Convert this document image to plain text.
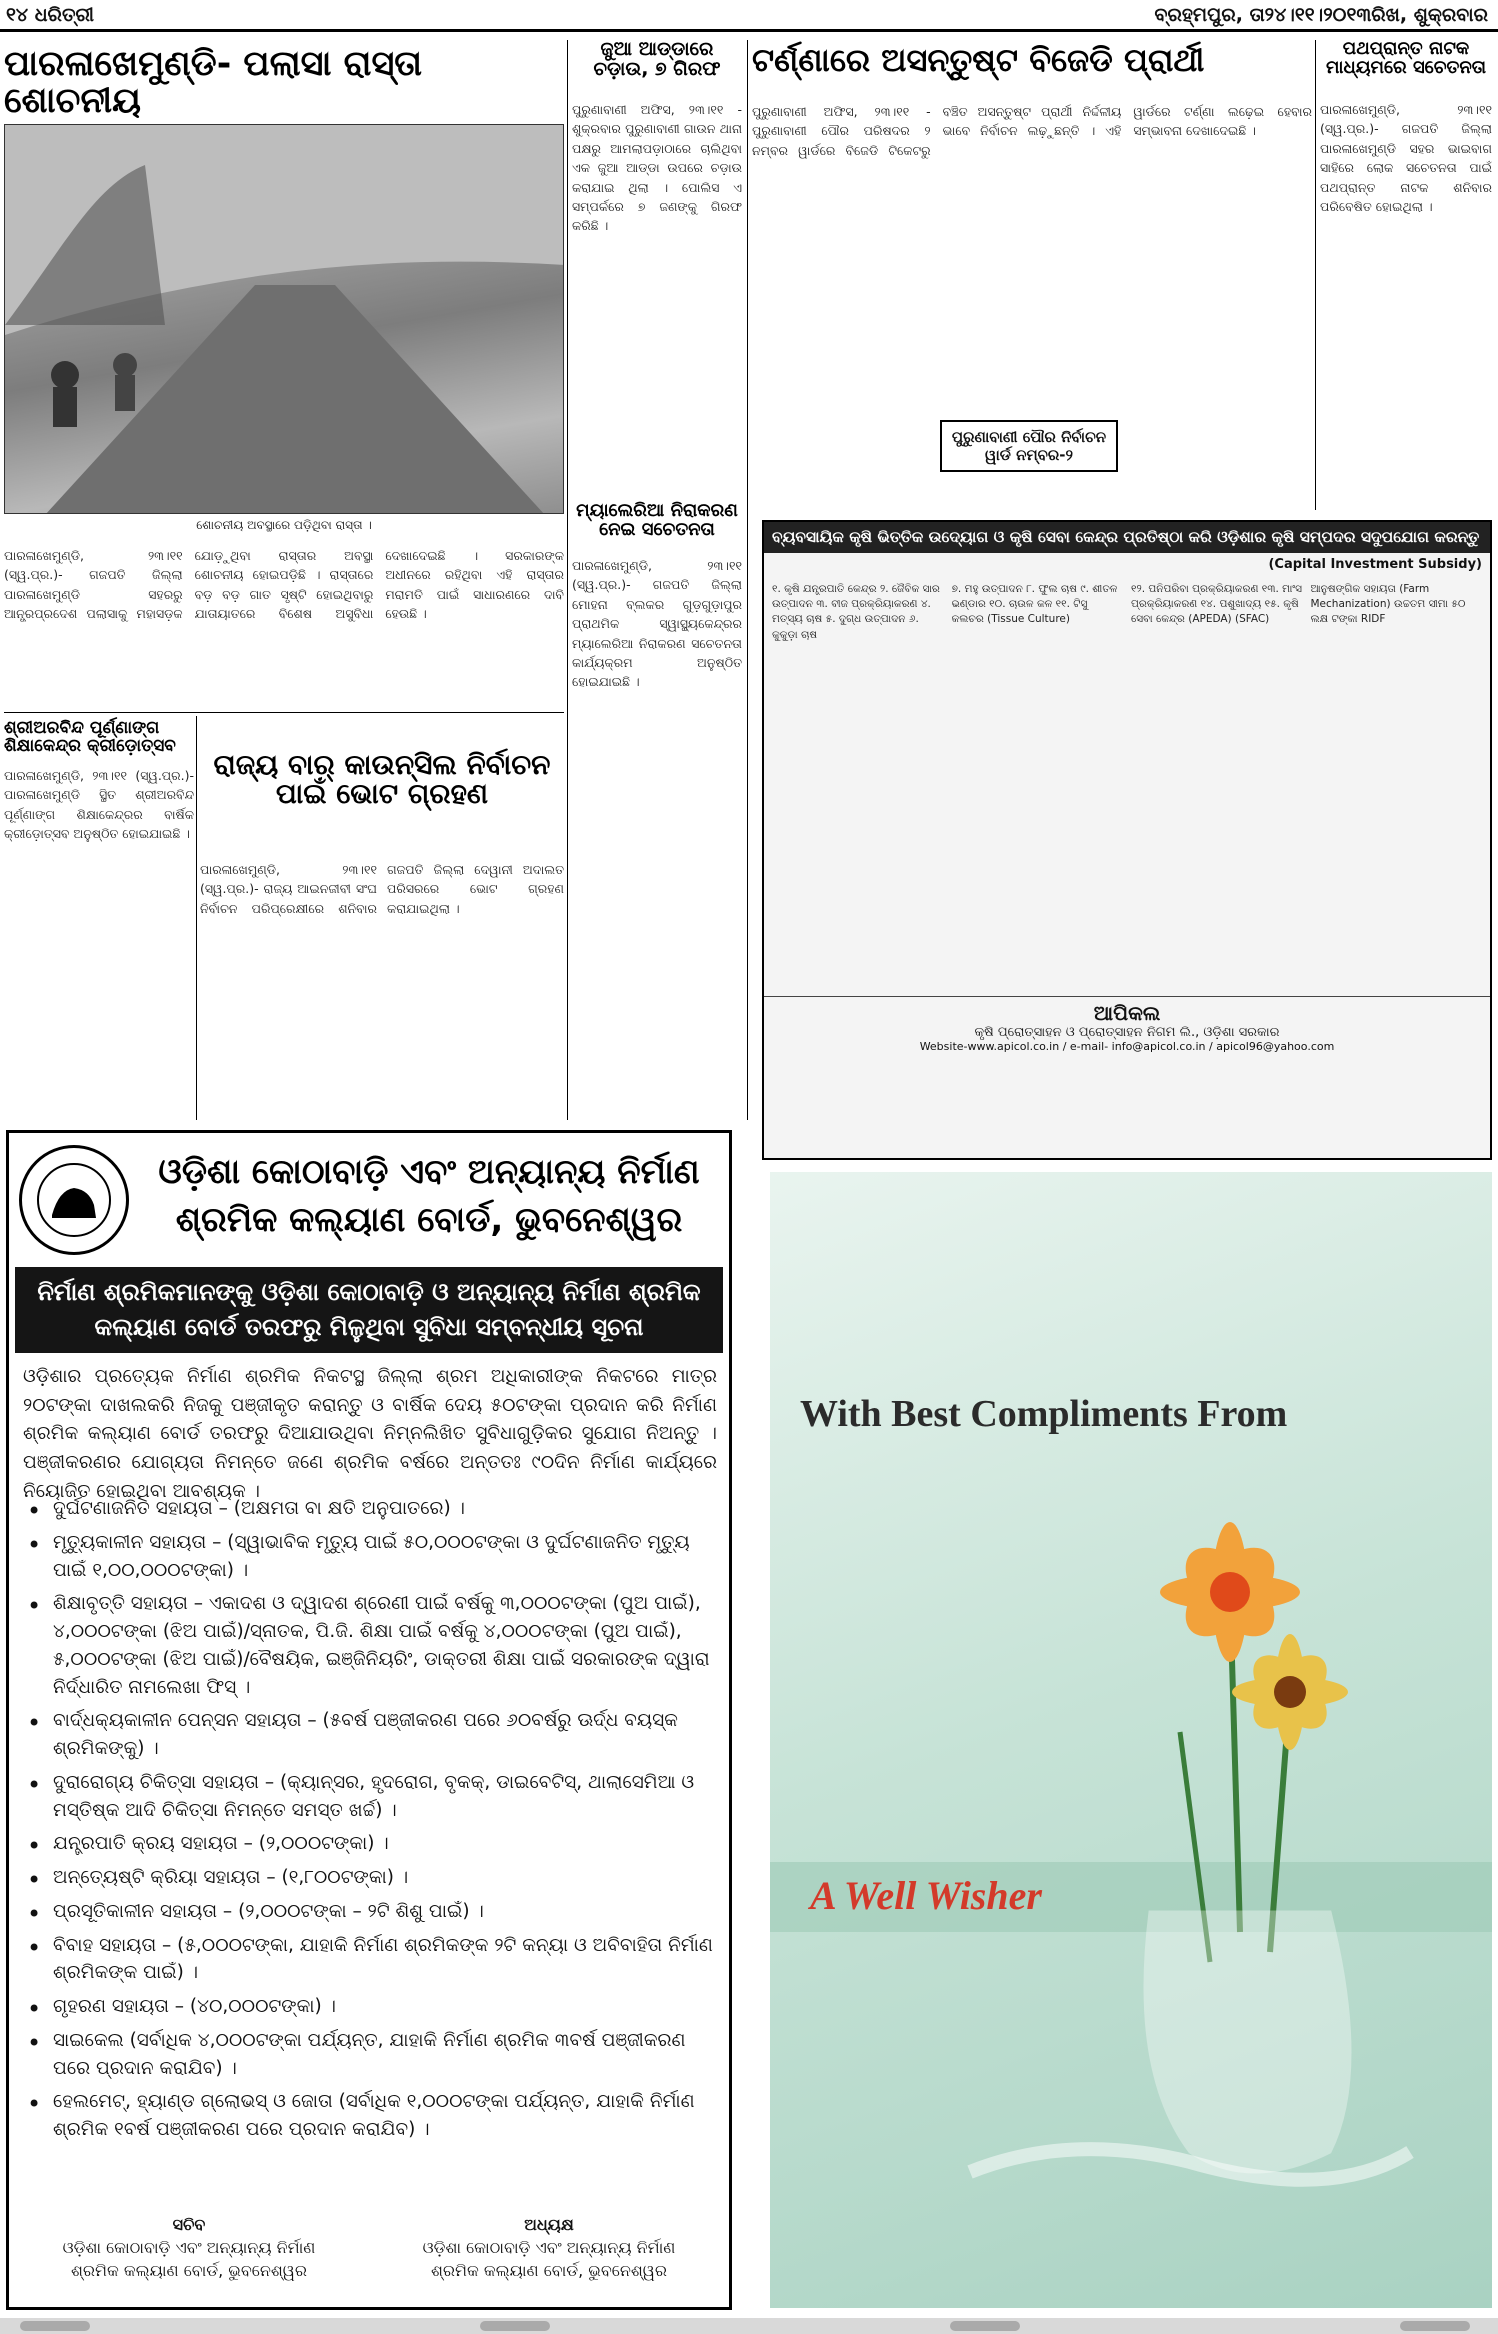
୧୪ ଧରିତ୍ରୀ	ବ୍ରହ୍ମପୁର, ତା୨୪।୧୧।୨୦୧୩ରିଖ, ଶୁକ୍ରବାର
ପାରଳାଖେମୁଣ୍ଡି- ପଲାସା ରାସ୍ତା ଶୋଚନୀୟ
ଶୋଚନୀୟ ଅବସ୍ଥାରେ ପଡ଼ିଥିବା ରାସ୍ତା ।
ପାରଳାଖେମୁଣ୍ଡି, ୨୩।୧୧ (ସ୍ୱ.ପ୍ର.)- ଗଜପତି ଜିଲ୍ଲା ପାରଳାଖେମୁଣ୍ଡି ସହରରୁ ଆନ୍ଧ୍ରପ୍ରଦେଶ ପଲାସାକୁ ମହାସଡ଼କ ଯୋଡ଼ୁଥିବା ରାସ୍ତାର ଅବସ୍ଥା ଶୋଚନୀୟ ହୋଇପଡ଼ିଛି । ରାସ୍ତାରେ ବଡ଼ ବଡ଼ ଗାତ ସୃଷ୍ଟି ହୋଇଥିବାରୁ ଯାତାୟାତରେ ବିଶେଷ ଅସୁବିଧା ଦେଖାଦେଇଛି । ସରକାରଙ୍କ ଅଧୀନରେ ରହିଥିବା ଏହି ରାସ୍ତାର ମରାମତି ପାଇଁ ସାଧାରଣରେ ଦାବି ହେଉଛି ।
ଜୁଆ ଆଡ୍ଡାରେ ଚଡ଼ାଉ, ୭ ଗିରଫ
ପୁରୁଣାବାଣୀ ଅଫିସ, ୨୩।୧୧ - ଶୁକ୍ରବାର ପୁରୁଣାବାଣୀ ଗାଉନ ଥାନା ପକ୍ଷରୁ ଆମଲାପଡ଼ାଠାରେ ଚାଲିଥିବା ଏକ ଜୁଆ ଆଡ୍ଡା ଉପରେ ଚଡ଼ାଉ କରାଯାଇ ଥିଲା । ପୋଲିସ ଏ ସମ୍ପର୍କରେ ୭ ଜଣଙ୍କୁ ଗିରଫ କରିଛି ।
ମ୍ୟାଲେରିଆ ନିରାକରଣ ନେଇ ସଚେତନତା
ପାରଳାଖେମୁଣ୍ଡି, ୨୩।୧୧ (ସ୍ୱ.ପ୍ର.)- ଗଜପତି ଜିଲ୍ଲା ମୋହନା ବ୍ଲକର ଗୁଡ଼ଗୁଡ଼ାପୁର ପ୍ରାଥମିକ ସ୍ୱାସ୍ଥ୍ୟକେନ୍ଦ୍ରର ମ୍ୟାଲେରିଆ ନିରାକରଣ ସଚେତନତା କାର୍ଯ୍ୟକ୍ରମ ଅନୁଷ୍ଠିତ ହୋଇଯାଇଛି ।
ଟର୍ଣ୍ଣାରେ ଅସନ୍ତୁଷ୍ଟ ବିଜେଡି ପ୍ରାର୍ଥୀ
ପୁରୁଣାବାଣୀ ଅଫିସ, ୨୩।୧୧ - ପୁରୁଣାବାଣୀ ପୌର ପରିଷଦର ୨ ନମ୍ବର ୱାର୍ଡରେ ବିଜେଡି ଟିକେଟରୁ ବଞ୍ଚିତ ଅସନ୍ତୁଷ୍ଟ ପ୍ରାର୍ଥୀ ନିର୍ଦ୍ଦଳୀୟ ଭାବେ ନିର୍ବାଚନ ଲଢ଼ୁଛନ୍ତି । ଏହି ୱାର୍ଡରେ ଟର୍ଣ୍ଣା ଲଢ଼େଇ ହେବାର ସମ୍ଭାବନା ଦେଖାଦେଇଛି ।
ପୁରୁଣାବାଣୀ ପୌର ନିର୍ବାଚନ ୱାର୍ଡ ନମ୍ବର-୨
ପଥପ୍ରାନ୍ତ ନାଟକ ମାଧ୍ୟମରେ ସଚେତନତା
ପାରଳାଖେମୁଣ୍ଡି, ୨୩।୧୧ (ସ୍ୱ.ପ୍ର.)- ଗଜପତି ଜିଲ୍ଲା ପାରଳାଖେମୁଣ୍ଡି ସହର ଭାଇବାଗ ସାହିରେ ଲୋକ ସଚେତନତା ପାଇଁ ପଥପ୍ରାନ୍ତ ନାଟକ ଶନିବାର ପରିବେଷିତ ହୋଇଥିଲା ।
ଶ୍ରୀଅରବିନ୍ଦ ପୂର୍ଣ୍ଣାଙ୍ଗ ଶିକ୍ଷାକେନ୍ଦ୍ର କ୍ରୀଡ଼ୋତ୍ସବ
ପାରଳାଖେମୁଣ୍ଡି, ୨୩।୧୧ (ସ୍ୱ.ପ୍ର.)- ପାରଳାଖେମୁଣ୍ଡି ସ୍ଥିତ ଶ୍ରୀଅରବିନ୍ଦ ପୂର୍ଣ୍ଣାଙ୍ଗ ଶିକ୍ଷାକେନ୍ଦ୍ରର ବାର୍ଷିକ କ୍ରୀଡ଼ୋତ୍ସବ ଅନୁଷ୍ଠିତ ହୋଇଯାଇଛି ।
ରାଜ୍ୟ ବାର୍ କାଉନ୍ସିଲ ନିର୍ବାଚନ ପାଇଁ ଭୋଟ ଗ୍ରହଣ
ପାରଳାଖେମୁଣ୍ଡି, ୨୩।୧୧ (ସ୍ୱ.ପ୍ର.)- ରାଜ୍ୟ ଆଇନଜୀବୀ ସଂଘ ନିର୍ବାଚନ ପରିପ୍ରେକ୍ଷୀରେ ଶନିବାର ଗଜପତି ଜିଲ୍ଲା ଦେୱାନୀ ଅଦାଲତ ପରିସରରେ ଭୋଟ ଗ୍ରହଣ କରାଯାଇଥିଲା ।
ବ୍ୟବସାୟିକ କୃଷି ଭିତ୍ତିକ ଉଦ୍ୟୋଗ ଓ କୃଷି ସେବା କେନ୍ଦ୍ର ପ୍ରତିଷ୍ଠା କରି ଓଡ଼ିଶାର କୃଷି ସମ୍ପଦର ସଦୁପଯୋଗ କରନ୍ତୁ
(Capital Investment Subsidy)
୧. କୃଷି ଯନ୍ତ୍ରପାତି କେନ୍ଦ୍ର ୨. ଜୈବିକ ସାର ଉତ୍ପାଦନ ୩. ବୀଜ ପ୍ରକ୍ରିୟାକରଣ ୪. ମତ୍ସ୍ୟ ଚାଷ ୫. ଦୁଗ୍ଧ ଉତ୍ପାଦନ ୬. କୁକୁଡ଼ା ଚାଷ
୭. ମହୁ ଉତ୍ପାଦନ ୮. ଫୁଲ ଚାଷ ୯. ଶୀତଳ ଭଣ୍ଡାର ୧୦. ଚାଉଳ କଳ ୧୧. ଟିସୁ କଲଚର (Tissue Culture)
୧୨. ପନିପରିବା ପ୍ରକ୍ରିୟାକରଣ ୧୩. ମାଂସ ପ୍ରକ୍ରିୟାକରଣ ୧୪. ପଶୁଖାଦ୍ୟ ୧୫. କୃଷି ସେବା କେନ୍ଦ୍ର (APEDA) (SFAC)
ଆନୁଷଙ୍ଗିକ ସହାୟତା (Farm Mechanization) ଉଚ୍ଚତମ ସୀମା ୫୦ ଲକ୍ଷ ଟଙ୍କା RIDF
ଆପିକଲ
କୃଷି ପ୍ରୋତ୍ସାହନ ଓ ପ୍ରୋତ୍ସାହନ ନିଗମ ଲି., ଓଡ଼ିଶା ସରକାର
Website-www.apicol.co.in / e-mail- info@apicol.co.in / apicol96@yahoo.com
ଓଡ଼ିଶା କୋଠାବାଡ଼ି ଏବଂ ଅନ୍ୟାନ୍ୟ ନିର୍ମାଣ ଶ୍ରମିକ କଲ୍ୟାଣ ବୋର୍ଡ, ଭୁବନେଶ୍ୱର
ନିର୍ମାଣ ଶ୍ରମିକମାନଙ୍କୁ ଓଡ଼ିଶା କୋଠାବାଡ଼ି ଓ ଅନ୍ୟାନ୍ୟ ନିର୍ମାଣ ଶ୍ରମିକ କଲ୍ୟାଣ ବୋର୍ଡ ତରଫରୁ ମିଳୁଥିବା ସୁବିଧା ସମ୍ବନ୍ଧୀୟ ସୂଚନା
ଓଡ଼ିଶାର ପ୍ରତ୍ୟେକ ନିର୍ମାଣ ଶ୍ରମିକ ନିକଟସ୍ଥ ଜିଲ୍ଲା ଶ୍ରମ ଅଧିକାରୀଙ୍କ ନିକଟରେ ମାତ୍ର ୨୦ଟଙ୍କା ଦାଖଲକରି ନିଜକୁ ପଞ୍ଜୀକୃତ କରାନ୍ତୁ ଓ ବାର୍ଷିକ ଦେୟ ୫୦ଟଙ୍କା ପ୍ରଦାନ କରି ନିର୍ମାଣ ଶ୍ରମିକ କଲ୍ୟାଣ ବୋର୍ଡ ତରଫରୁ ଦିଆଯାଉଥିବା ନିମ୍ନଲିଖିତ ସୁବିଧାଗୁଡ଼ିକର ସୁଯୋଗ ନିଅନ୍ତୁ । ପଞ୍ଜୀକରଣର ଯୋଗ୍ୟତା ନିମନ୍ତେ ଜଣେ ଶ୍ରମିକ ବର୍ଷରେ ଅନ୍ତତଃ ୯୦ଦିନ ନିର୍ମାଣ କାର୍ଯ୍ୟରେ ନିୟୋଜିତ ହୋଇଥିବା ଆବଶ୍ୟକ ।
• ଦୁର୍ଘଟଣାଜନିତ ସହାୟତା – (ଅକ୍ଷମତା ବା କ୍ଷତି ଅନୁପାତରେ) ।
• ମୃତ୍ୟୁକାଳୀନ ସହାୟତା – (ସ୍ୱାଭାବିକ ମୃତ୍ୟୁ ପାଇଁ ୫୦,୦୦୦ଟଙ୍କା ଓ ଦୁର୍ଘଟଣାଜନିତ ମୃତ୍ୟୁ ପାଇଁ ୧,୦୦,୦୦୦ଟଙ୍କା) ।
• ଶିକ୍ଷାବୃତ୍ତି ସହାୟତା – ଏକାଦଶ ଓ ଦ୍ୱାଦଶ ଶ୍ରେଣୀ ପାଇଁ ବର୍ଷକୁ ୩,୦୦୦ଟଙ୍କା (ପୁଅ ପାଇଁ), ୪,୦୦୦ଟଙ୍କା (ଝିଅ ପାଇଁ)/ସ୍ନାତକ, ପି.ଜି. ଶିକ୍ଷା ପାଇଁ ବର୍ଷକୁ ୪,୦୦୦ଟଙ୍କା (ପୁଅ ପାଇଁ), ୫,୦୦୦ଟଙ୍କା (ଝିଅ ପାଇଁ)/ବୈଷୟିକ, ଇଞ୍ଜିନିୟରିଂ, ଡାକ୍ତରୀ ଶିକ୍ଷା ପାଇଁ ସରକାରଙ୍କ ଦ୍ୱାରା ନିର୍ଦ୍ଧାରିତ ନାମଲେଖା ଫିସ୍ ।
• ବାର୍ଦ୍ଧକ୍ୟକାଳୀନ ପେନ୍‌ସନ ସହାୟତା – (୫ବର୍ଷ ପଞ୍ଜୀକରଣ ପରେ ୬୦ବର୍ଷରୁ ଊର୍ଦ୍ଧ ବୟସ୍କ ଶ୍ରମିକଙ୍କୁ) ।
• ଦୁରାରୋଗ୍ୟ ଚିକିତ୍ସା ସହାୟତା – (କ୍ୟାନ୍‌ସର, ହୃଦରୋଗ, ବୃକକ୍, ଡାଇବେଟିସ୍, ଥାଲାସେମିଆ ଓ ମସ୍ତିଷ୍କ ଆଦି ଚିକିତ୍ସା ନିମନ୍ତେ ସମସ୍ତ ଖର୍ଚ୍ଚ) ।
• ଯନ୍ତ୍ରପାତି କ୍ରୟ ସହାୟତା – (୨,୦୦୦ଟଙ୍କା) ।
• ଅନ୍ତ୍ୟେଷ୍ଟି କ୍ରିୟା ସହାୟତା – (୧,୮୦୦ଟଙ୍କା) ।
• ପ୍ରସୂତିକାଳୀନ ସହାୟତା – (୨,୦୦୦ଟଙ୍କା – ୨ଟି ଶିଶୁ ପାଇଁ) ।
• ବିବାହ ସହାୟତା – (୫,୦୦୦ଟଙ୍କା, ଯାହାକି ନିର୍ମାଣ ଶ୍ରମିକଙ୍କ ୨ଟି କନ୍ୟା ଓ ଅବିବାହିତା ନିର୍ମାଣ ଶ୍ରମିକଙ୍କ ପାଇଁ) ।
• ଗୃହରଣ ସହାୟତା – (୪୦,୦୦୦ଟଙ୍କା) ।
• ସାଇକେଲ (ସର୍ବାଧିକ ୪,୦୦୦ଟଙ୍କା ପର୍ଯ୍ୟନ୍ତ, ଯାହାକି ନିର୍ମାଣ ଶ୍ରମିକ ୩ବର୍ଷ ପଞ୍ଜୀକରଣ ପରେ ପ୍ରଦାନ କରାଯିବ) ।
• ହେଲମେଟ୍, ହ୍ୟାଣ୍ଡ ଗ୍ଲୋଭସ୍ ଓ ଜୋତା (ସର୍ବାଧିକ ୧,୦୦୦ଟଙ୍କା ପର୍ଯ୍ୟନ୍ତ, ଯାହାକି ନିର୍ମାଣ ଶ୍ରମିକ ୧ବର୍ଷ ପଞ୍ଜୀକରଣ ପରେ ପ୍ରଦାନ କରାଯିବ) ।
ସଚିବ
ଓଡ଼ିଶା କୋଠାବାଡ଼ି ଏବଂ ଅନ୍ୟାନ୍ୟ ନିର୍ମାଣ
ଶ୍ରମିକ କଲ୍ୟାଣ ବୋର୍ଡ, ଭୁବନେଶ୍ୱର
ଅଧ୍ୟକ୍ଷ
ଓଡ଼ିଶା କୋଠାବାଡ଼ି ଏବଂ ଅନ୍ୟାନ୍ୟ ନିର୍ମାଣ
ଶ୍ରମିକ କଲ୍ୟାଣ ବୋର୍ଡ, ଭୁବନେଶ୍ୱର
With Best Compliments From
A Well Wisher
